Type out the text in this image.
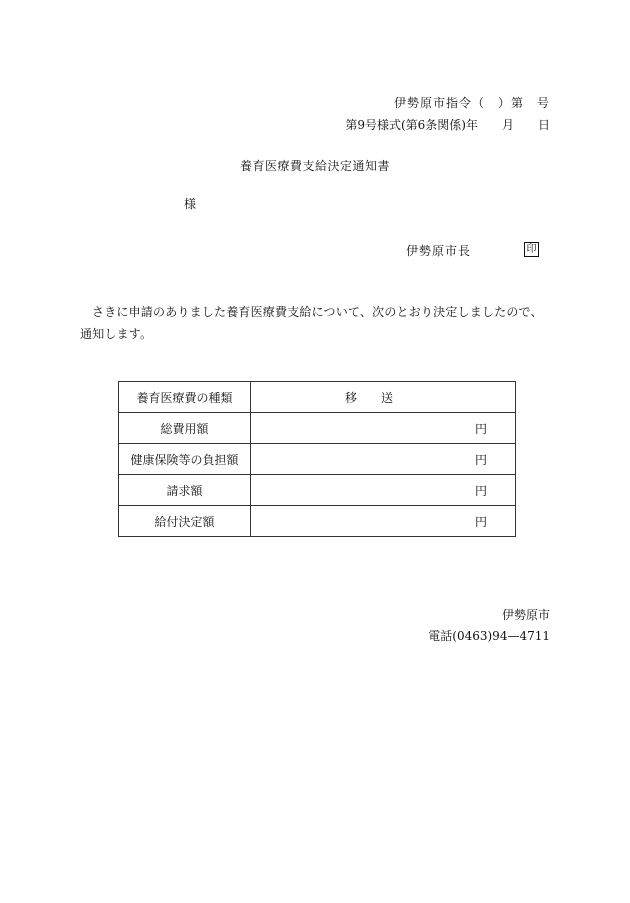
伊勢原市指令（　）第　号
第9号様式(第6条関係)年　　月　　日
養育医療費支給決定通知書
様
伊勢原市長	印
さきに申請のありました養育医療費支給について、次のとおり決定しましたので、通知します。
養育医療費の種類	移　　送
総費用額	円
健康保険等の負担額	円
請求額	円
給付決定額	円
伊勢原市
電話(0463)94—4711
